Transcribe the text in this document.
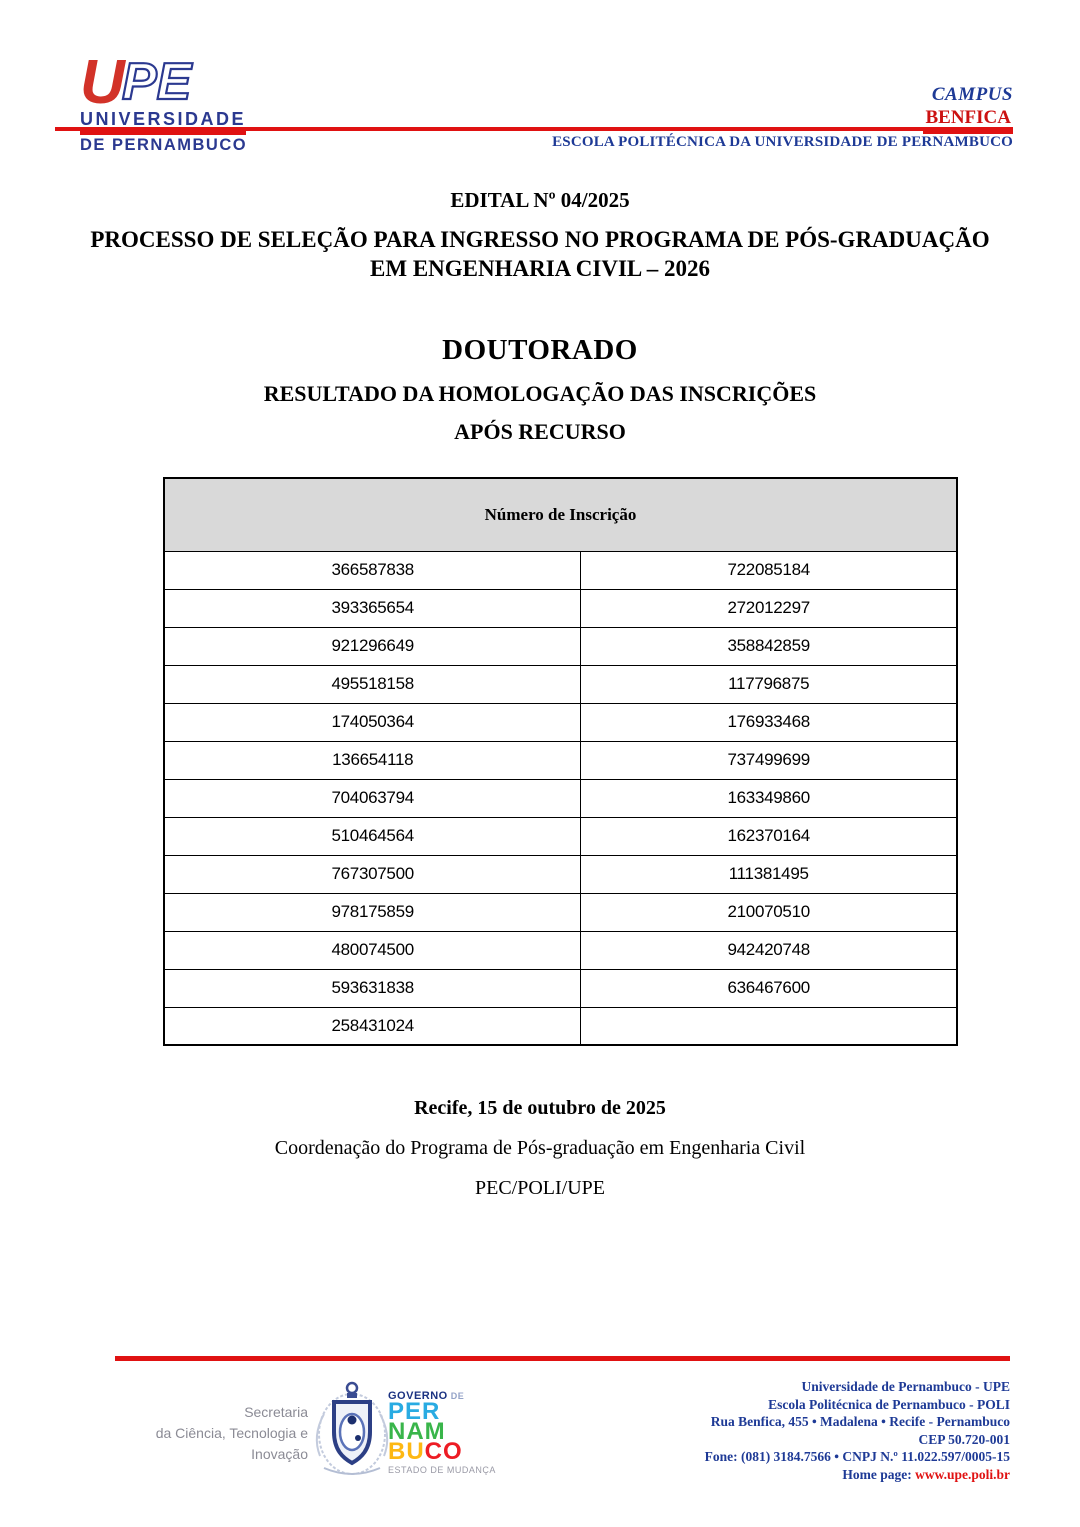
PE
U
UNIVERSIDADE
DE PERNAMBUCO
CAMPUS
BENFICA
ESCOLA POLITÉCNICA DA UNIVERSIDADE DE PERNAMBUCO
EDITAL Nº 04/2025
PROCESSO DE SELEÇÃO PARA INGRESSO NO PROGRAMA DE PÓS-GRADUAÇÃO
EM ENGENHARIA CIVIL – 2026
DOUTORADO
RESULTADO DA HOMOLOGAÇÃO DAS INSCRIÇÕES
APÓS RECURSO
Número de Inscrição	
366587838	722085184
393365654	272012297
921296649	358842859
495518158	117796875
174050364	176933468
136654118	737499699
704063794	163349860
510464564	162370164
767307500	111381495
978175859	210070510
480074500	942420748
593631838	636467600
258431024	
Recife, 15 de outubro de 2025
Coordenação do Programa de Pós-graduação em Engenharia Civil
PEC/POLI/UPE
Secretaria
da Ciência, Tecnologia e
Inovação
GOVERNO DE
PER
NAM
BUCO
ESTADO DE MUDANÇA
Universidade de Pernambuco - UPE
Escola Politécnica de Pernambuco - POLI
Rua Benfica, 455 • Madalena • Recife - Pernambuco
CEP 50.720-001
Fone: (081) 3184.7566 • CNPJ N.º 11.022.597/0005-15
Home page: www.upe.poli.br
